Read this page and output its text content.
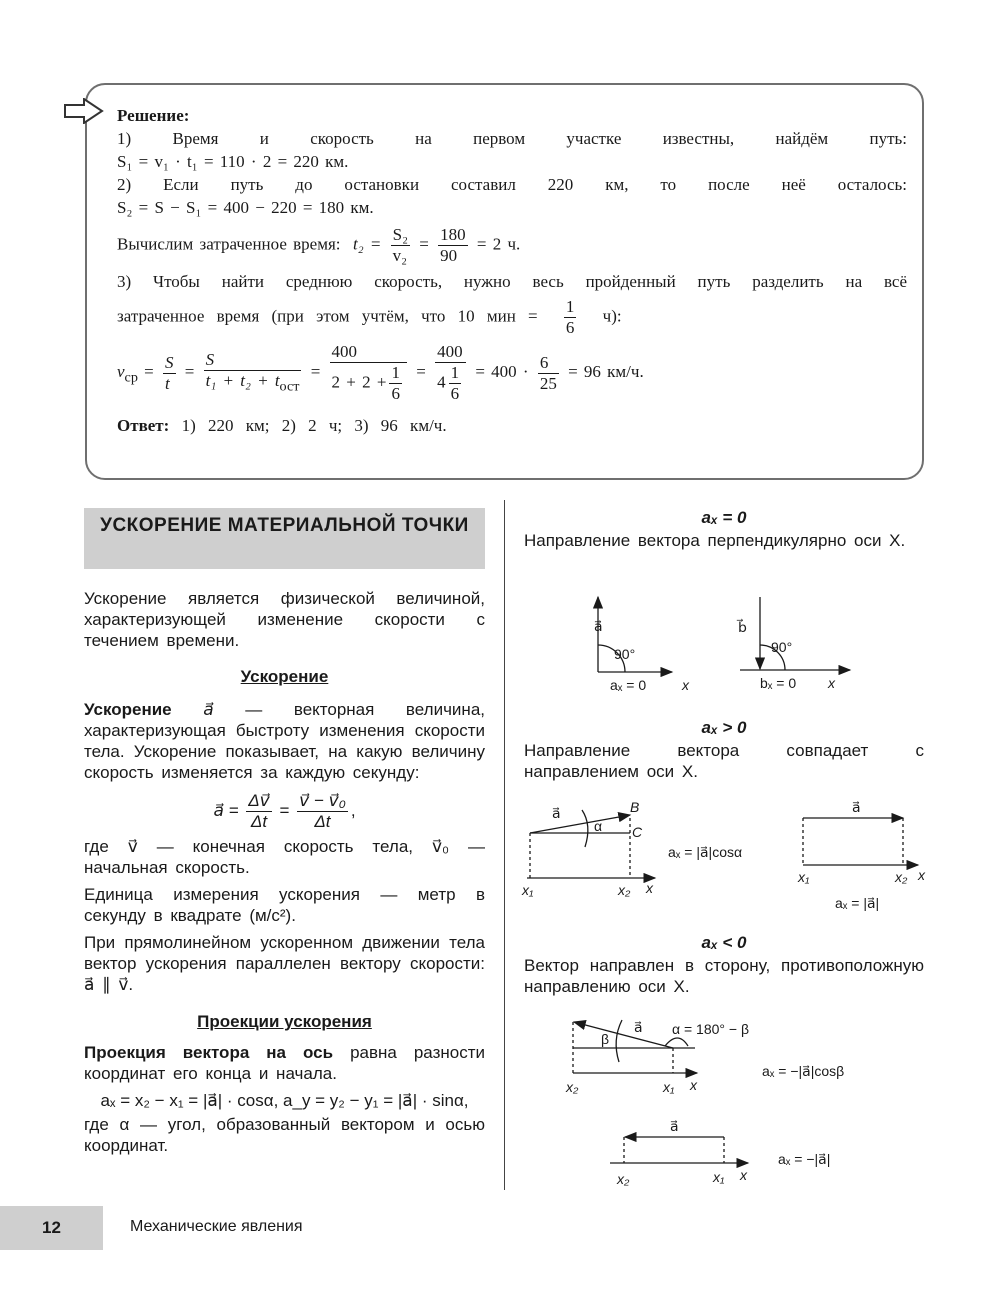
Решение:
1) Время и скорость на первом участке известны, найдём путь:
S₁ = v₁ · t₁ = 110 · 2 = 220 км.
2) Если путь до остановки составил 220 км, то после неё осталось:
S₂ = S − S₁ = 400 − 220 = 180 км.
Вычислим затраченное время: $t_2 = \frac{\text{S₂}}{\text{v₂}} = \frac{180}{90} = 2$ ч.
3) Чтобы найти среднюю скорость, нужно весь пройденный путь разделить на всё
затраченное время (при этом учтём, что 10 мин = $\frac{1}{6} ч$):
$v_{ср} = \frac{S}{t}$ =
S
$t_1 + t_2 + t_{ост}$
= $\frac{400}{2 + 2 + \frac{1}{6}} = \frac{400}{4 \frac{1}{6}} = 400 \cdot \frac{6}{25} = 96$ км/ч.
Ответ: 1) 220 км; 2) 2 ч; 3) 96 км/ч.
УСКОРЕНИЕ МАТЕРИАЛЬНОЙ ТОЧКИ

Ускорение является физической величиной, характеризующей изменение скорости с течением времени.

Ускорение

Ускорение a⃗ — векторная величина, характеризующая быстроту изменения скорости тела. Ускорение показывает, на какую величину скорость изменяется за каждую секунду:

a⃗ = $\frac{\Delta v⃗}{\Delta t} = \frac{\text{v⃗ − v⃗₀}}{\Delta t}$ ,

где v⃗ — конечная скорость тела, v⃗₀ — начальная скорость.

Единица измерения ускорения — метр в секунду в квадрате (м/с²).

При прямолинейном ускоренном движении тела вектор ускорения параллелен вектору скорости: a⃗ ∥ v⃗.

Проекции ускорения

Проекция вектора на ось равна разности координат его конца и начала.

aₓ = x₂ − x₁ = |a⃗| · cosα, a_y = y₂ − y₁ = |a⃗| · sinα,

где α — угол, образованный вектором и осью координат.

aₓ = 0

Направление вектора перпендикулярно оси X.

aₓ > 0

Направление вектора совпадает с направлением оси X.

aₓ < 0

Вектор направлен в сторону, противоположную направлению оси X.

a⃗
90°
aₓ = 0	x
b⃗
90°
bₓ = 0 x
a⃗	B
C
α
x₁	x₂ x
aₓ = |a⃗|cosα
a⃗
x₁	x₂ x
aₓ = |a⃗|
a⃗
β
α = 180° − β
x₂	x₁ x
aₓ = −|a⃗|cosβ
a⃗
x₂	x₁ x
aₓ = −|a⃗|
12	Механические явления
